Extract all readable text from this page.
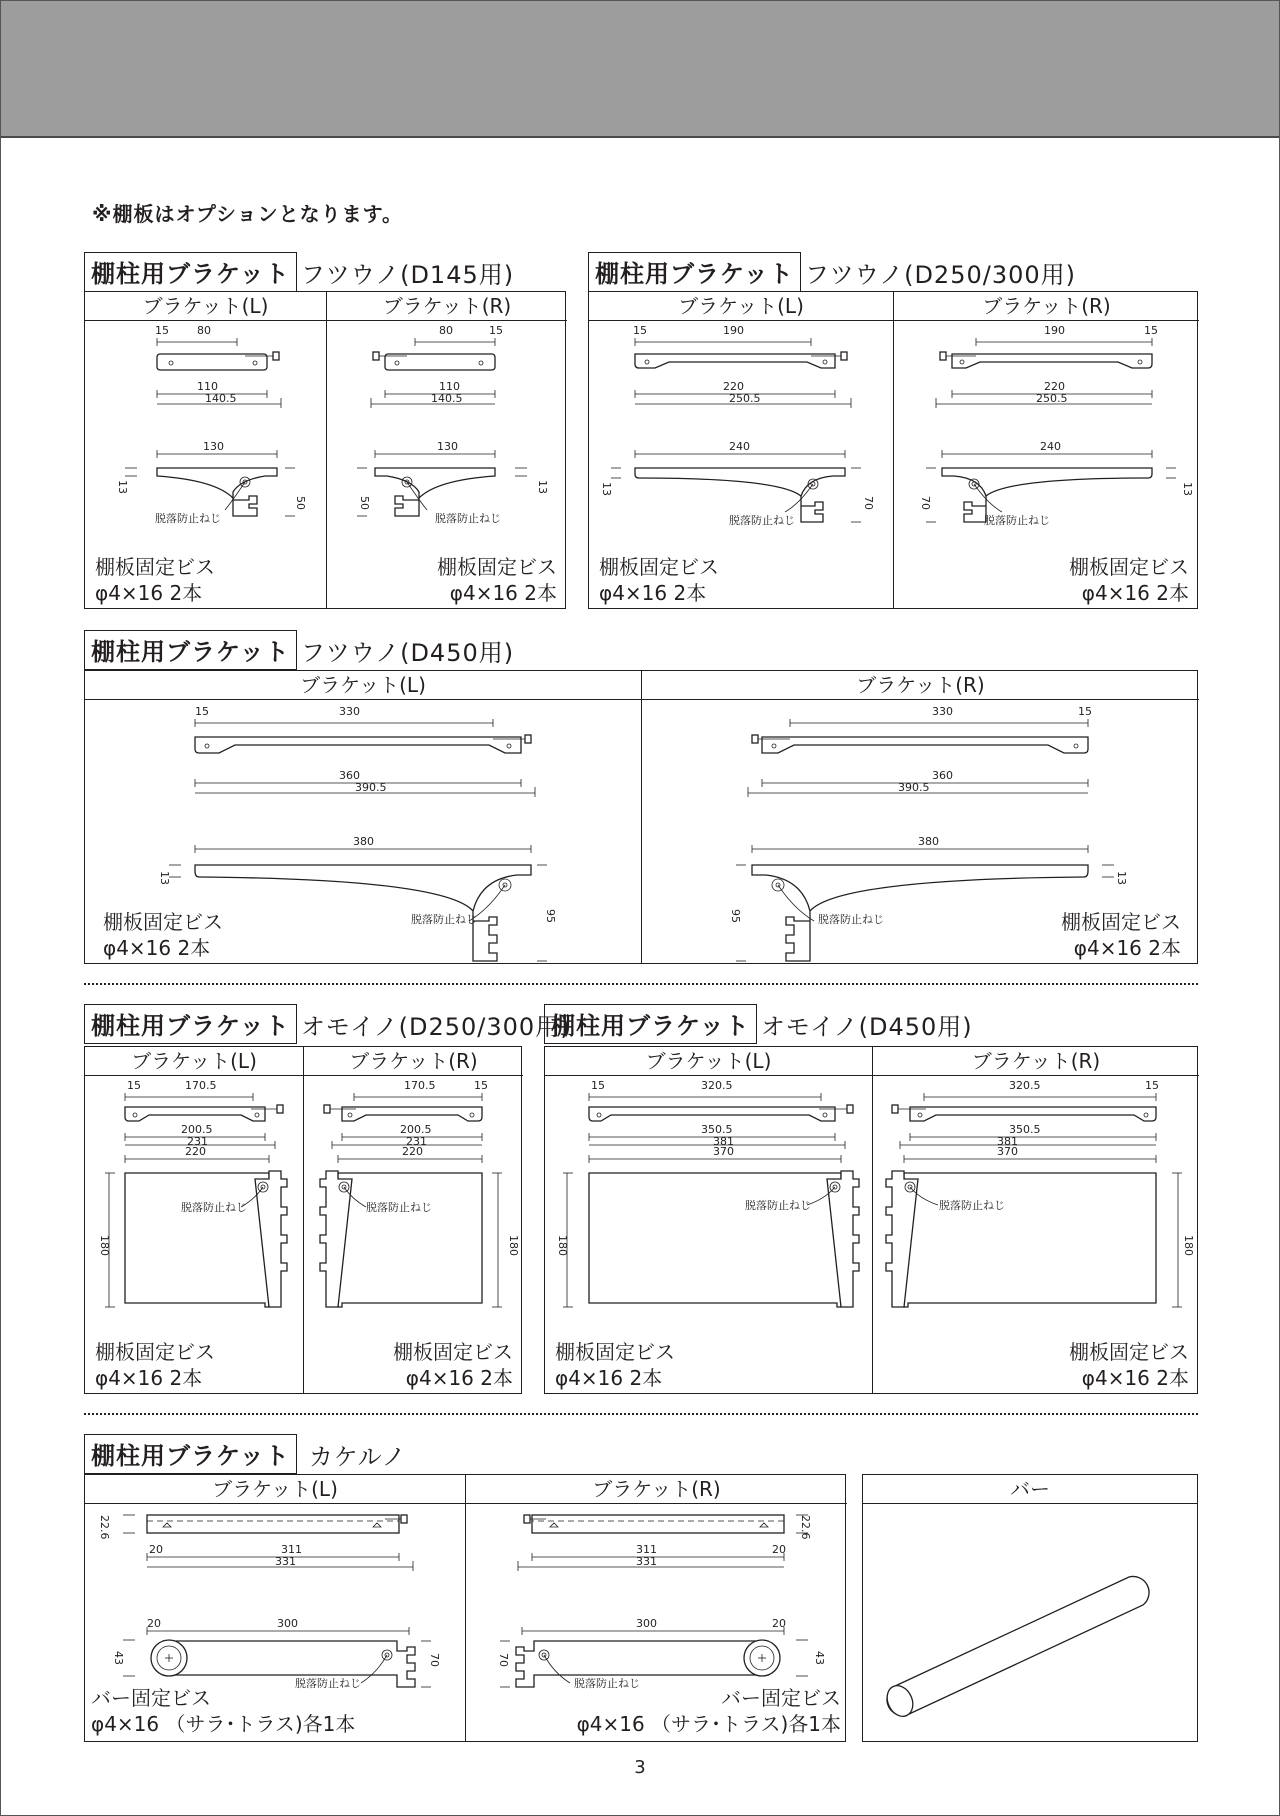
※棚板はオプションとなります。
棚柱用ブラケット フツウノ(D145用)
ブラケット(L)
15	80
110
140.5
130
脱落防止ねじ
13
50
棚板固定ビス
φ4×16 2本
ブラケット(R)
15
80
110
140.5
130
脱落防止ねじ
13
50
棚板固定ビス
φ4×16 2本
棚柱用ブラケット フツウノ(D250/300用)
ブラケット(L)
15	190
220
250.5
240
脱落防止ねじ
13
70
棚板固定ビス
φ4×16 2本
ブラケット(R)
15
190
220
250.5
240
脱落防止ねじ
13
70
棚板固定ビス
φ4×16 2本
棚柱用ブラケット フツウノ(D450用)
ブラケット(L)
15	330
360
390.5
380
脱落防止ねじ
13
95
棚板固定ビス
φ4×16 2本
ブラケット(R)
15
330
360
390.5
380
脱落防止ねじ
13
95	棚板固定ビス
φ4×16 2本
棚柱用ブラケット オモイノ(D250/300用)
ブラケット(L)
15	170.5
200.5
231
220
脱落防止ねじ
180
棚板固定ビス
φ4×16 2本
ブラケット(R)
15
170.5
200.5
231
220
脱落防止ねじ
180
棚板固定ビス
φ4×16 2本
棚柱用ブラケット オモイノ(D450用)
ブラケット(L)
15	320.5
350.5
381
370
脱落防止ねじ
180
棚板固定ビス
φ4×16 2本
ブラケット(R)
15
320.5
350.5
381
370
脱落防止ねじ
180
棚板固定ビス
φ4×16 2本
棚柱用ブラケット カケルノ
ブラケット(L)
22.6
20	311
331
20	300
脱落防止ねじ
43	70
バー固定ビス
φ4×16 （サラ･トラス)各1本
ブラケット(R)
22.6
20
311
331
20
300
脱落防止ねじ
43
70
バー固定ビス
φ4×16 （サラ･トラス)各1本
バー
3
